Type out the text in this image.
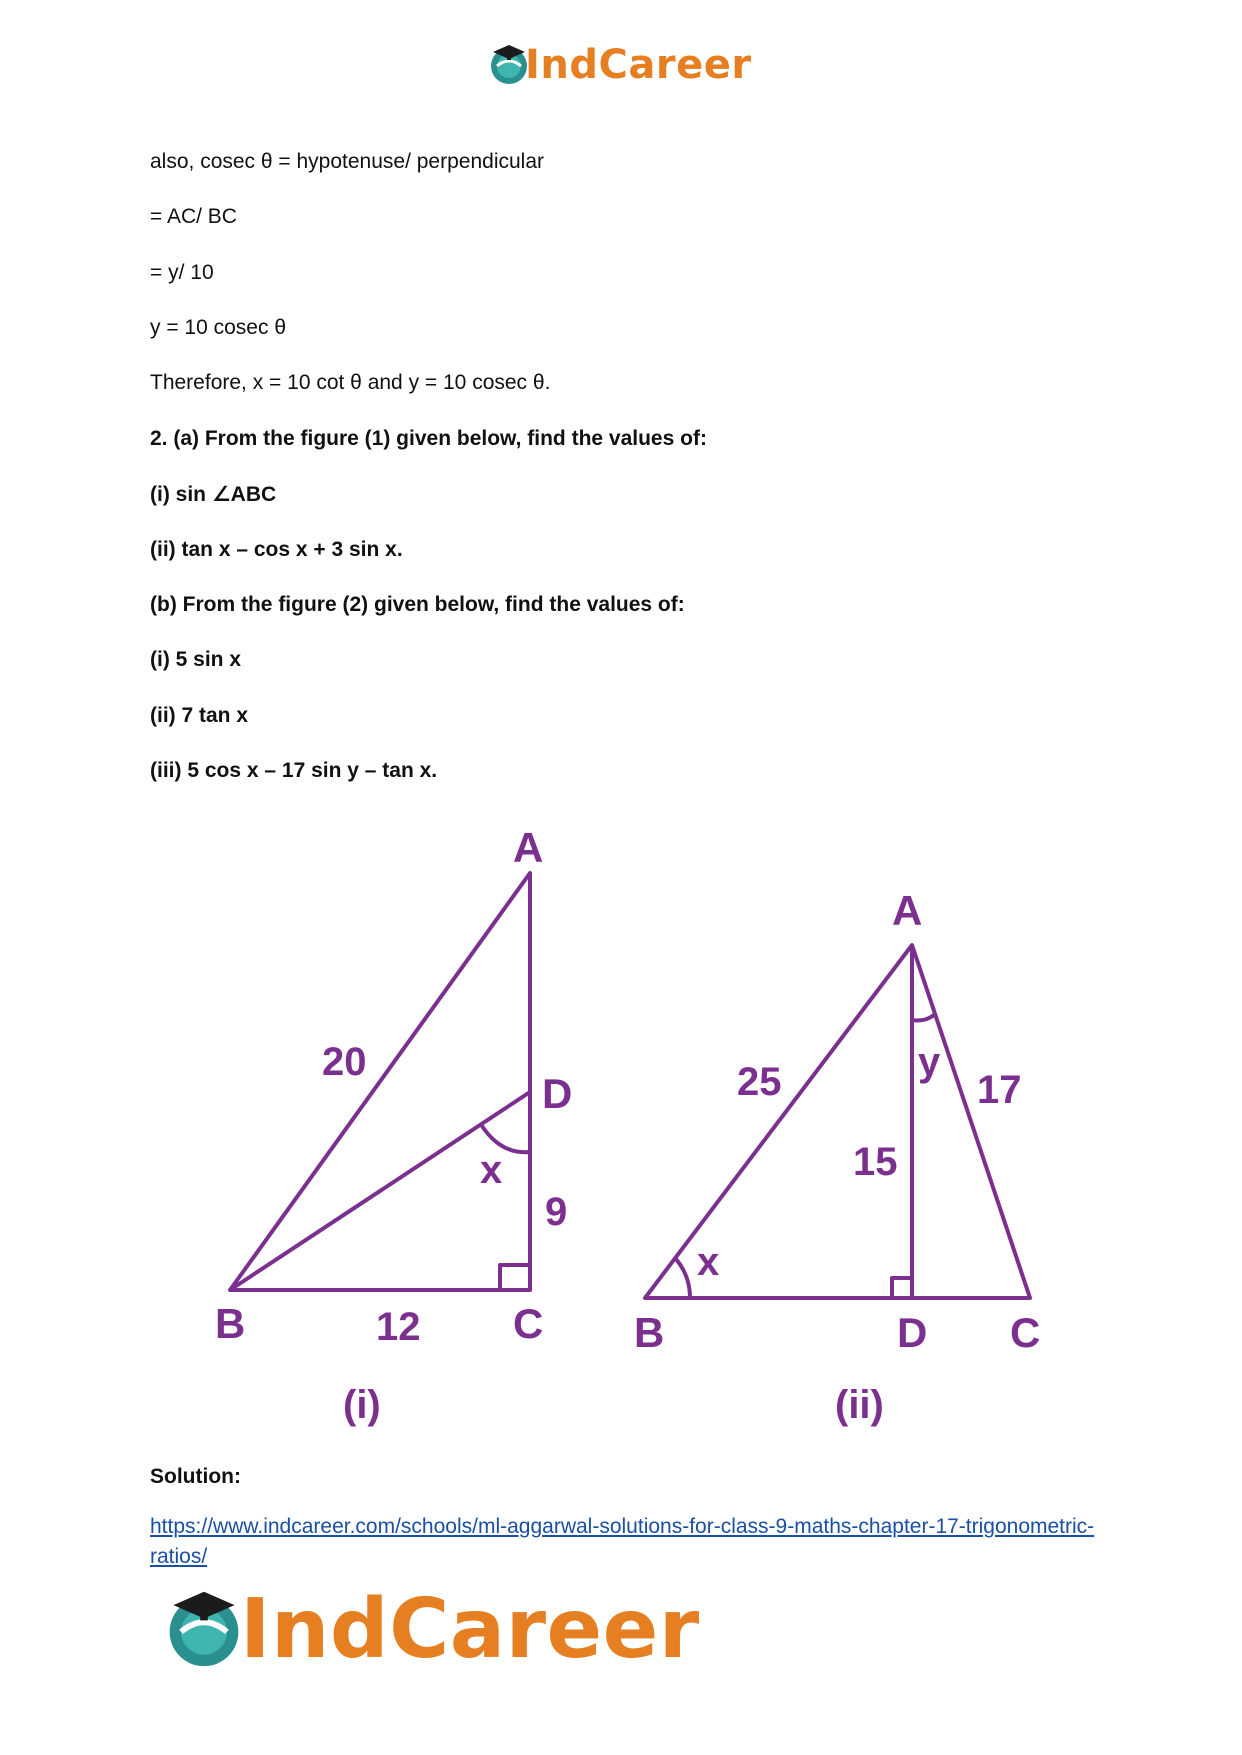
IndCareer
also, cosec θ = hypotenuse/ perpendicular
= AC/ BC
= y/ 10
y = 10 cosec θ
Therefore, x = 10 cot θ and y = 10 cosec θ.
2. (a) From the figure (1) given below, find the values of:
(i) sin ∠ABC
(ii) tan x – cos x + 3 sin x.
(b) From the figure (2) given below, find the values of:
(i) 5 sin x
(ii) 7 tan x
(iii) 5 cos x – 17 sin y – tan x.
A
D
B	C
20
12
9
x
(i)
A
B	D C
25	17
15
y
x
(ii)
Solution:
https://www.indcareer.com/schools/ml-aggarwal-solutions-for-class-9-maths-chapter-17-trigonometric-ratios/
IndCareer
